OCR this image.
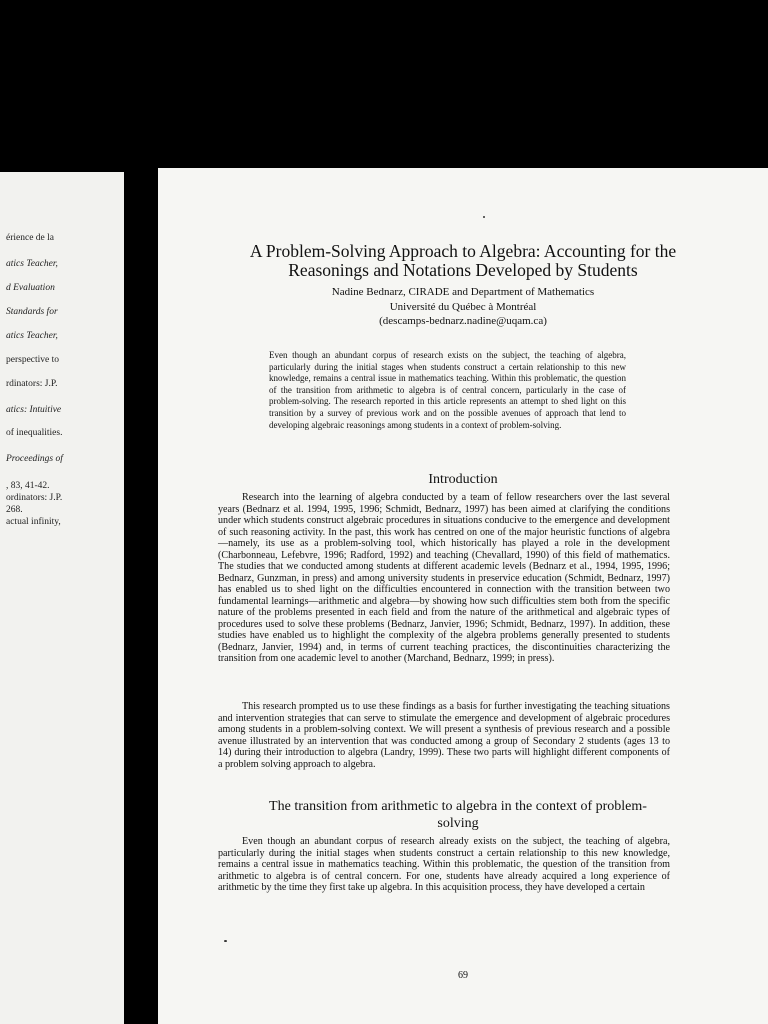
érience de la
atics Teacher,
d Evaluation
Standards for
atics Teacher,
perspective to
rdinators: J.P.
atics: Intuitive
of inequalities.
Proceedings of
, 83, 41-42.
ordinators: J.P.
268.
actual infinity,
A Problem-Solving Approach to Algebra: Accounting for the
Reasonings and Notations Developed by Students
Nadine Bednarz, CIRADE and Department of Mathematics
Université du Québec à Montréal
(descamps-bednarz.nadine@uqam.ca)
Even though an abundant corpus of research exists on the subject, the teaching of algebra, particularly during the initial stages when students construct a certain relationship to this new knowledge, remains a central issue in mathematics teaching. Within this problematic, the question of the transition from arithmetic to algebra is of central concern, particularly in the case of problem-solving. The research reported in this article represents an attempt to shed light on this transition by a survey of previous work and on the possible avenues of approach that lend to developing algebraic reasonings among students in a context of problem-solving.
Introduction

Research into the learning of algebra conducted by a team of fellow researchers over the last several years (Bednarz et al. 1994, 1995, 1996; Schmidt, Bednarz, 1997) has been aimed at clarifying the conditions under which students construct algebraic procedures in situations conducive to the emergence and development of such reasoning activity. In the past, this work has centred on one of the major heuristic functions of algebra—namely, its use as a problem-solving tool, which historically has played a role in the development (Charbonneau, Lefebvre, 1996; Radford, 1992) and teaching (Chevallard, 1990) of this field of mathematics. The studies that we conducted among students at different academic levels (Bednarz et al., 1994, 1995, 1996; Bednarz, Gunzman, in press) and among university students in preservice education (Schmidt, Bednarz, 1997) has enabled us to shed light on the difficulties encountered in connection with the transition between two fundamental learnings—arithmetic and algebra—by showing how such difficulties stem both from the specific nature of the problems presented in each field and from the nature of the arithmetical and algebraic types of procedures used to solve these problems (Bednarz, Janvier, 1996; Schmidt, Bednarz, 1997). In addition, these studies have enabled us to highlight the complexity of the algebra problems generally presented to students (Bednarz, Janvier, 1994) and, in terms of current teaching practices, the discontinuities characterizing the transition from one academic level to another (Marchand, Bednarz, 1999; in press).

This research prompted us to use these findings as a basis for further investigating the teaching situations and intervention strategies that can serve to stimulate the emergence and development of algebraic procedures among students in a problem-solving context. We will present a synthesis of previous research and a possible avenue illustrated by an intervention that was conducted among a group of Secondary 2 students (ages 13 to 14) during their introduction to algebra (Landry, 1999). These two parts will highlight different components of a problem solving approach to algebra.

The transition from arithmetic to algebra in the context of problem-
solving

Even though an abundant corpus of research already exists on the subject, the teaching of algebra, particularly during the initial stages when students construct a certain relationship to this new knowledge, remains a central issue in mathematics teaching. Within this problematic, the question of the transition from arithmetic to algebra is of central concern. For one, students have already acquired a long experience of arithmetic by the time they first take up algebra. In this acquisition process, they have developed a certain

69
